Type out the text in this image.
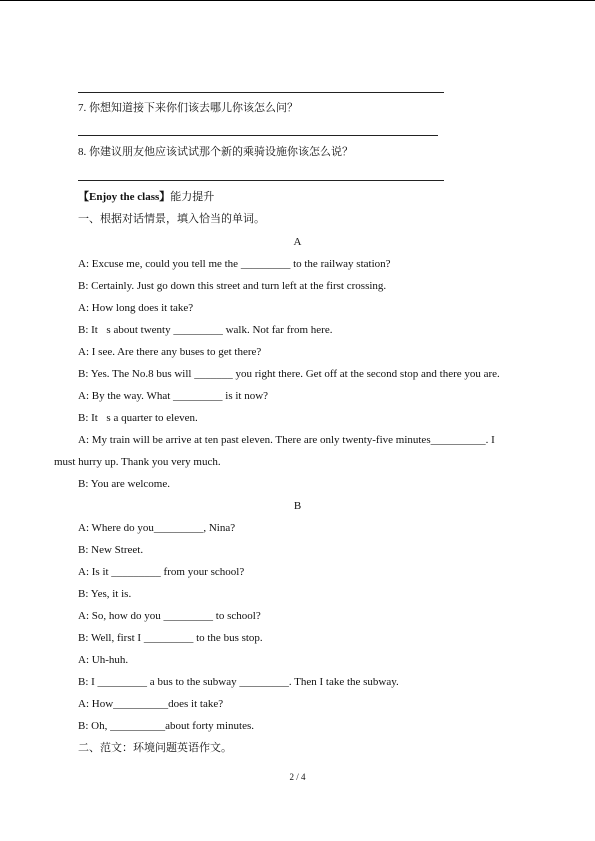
7. 你想知道接下来你们该去哪儿你该怎么问？
8. 你建议朋友他应该试试那个新的乘骑设施你该怎么说？
【Enjoy the class】能力提升
一、根据对话情景，填入恰当的单词。
A
A: Excuse me, could you tell me the _________ to the railway station?
B: Certainly. Just go down this street and turn left at the first crossing.
A: How long does it take?
B: It s about twenty _________ walk. Not far from here.
A: I see. Are there any buses to get there?
B: Yes. The No.8 bus will _______ you right there. Get off at the second stop and there you are.
A: By the way. What _________ is it now?
B: It s a quarter to eleven.
A: My train will be arrive at ten past eleven. There are only twenty-five minutes__________. I
must hurry up. Thank you very much.
B: You are welcome.
B
A: Where do you_________, Nina?
B: New Street.
A: Is it _________ from your school?
B: Yes, it is.
A: So, how do you _________ to school?
B: Well, first I _________ to the bus stop.
A: Uh-huh.
B: I _________ a bus to the subway _________. Then I take the subway.
A: How__________does it take?
B: Oh, __________about forty minutes.
二、范文：环境问题英语作文。
2 / 4
